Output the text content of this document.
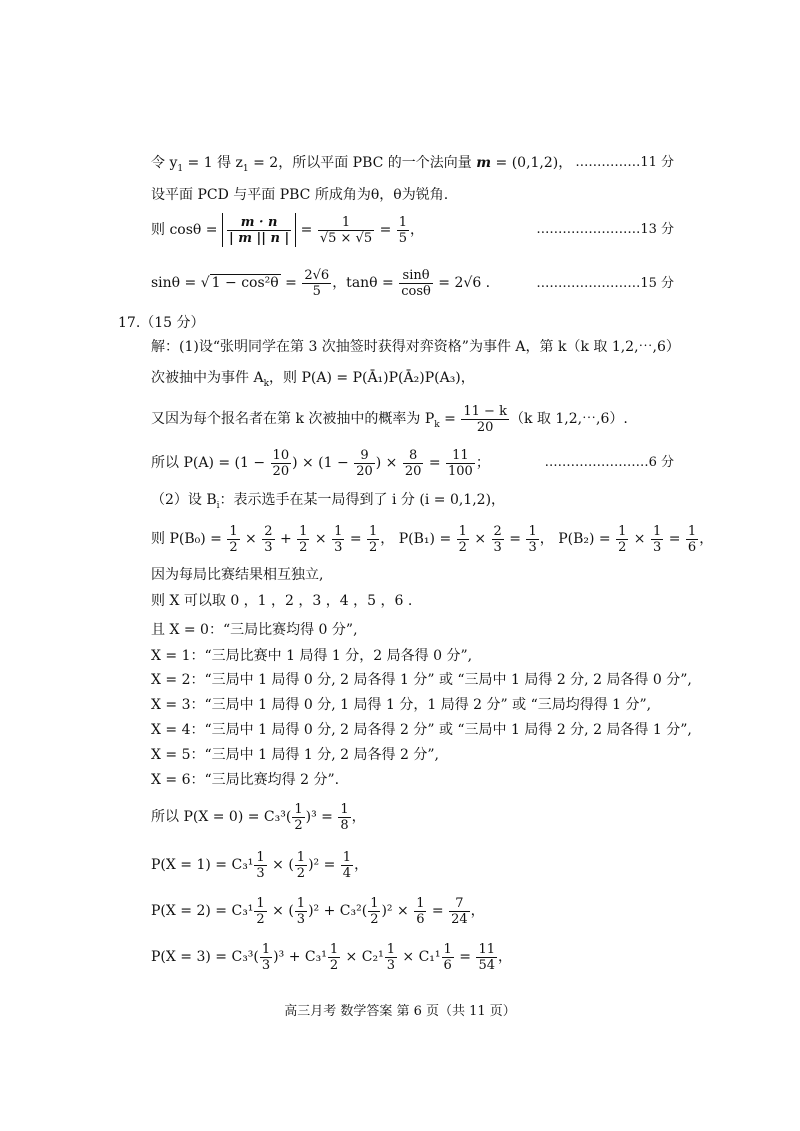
令 $y_1 = 1$ 得 $z_1 = 2$，所以平面 PBC 的一个法向量 m = (0,1,2)， ……………11 分
设平面 PCD 与平面 PBC 所成角为θ，θ为锐角.
则 $\cos\theta = \frac{m \cdot n}{| m || n |} = \frac{1}{√5 \times √5} = \frac{1}{5}$ ，	……………………13 分
sinθ = √ $1 - \cos^2\theta = \frac{2√6}{5}$ ，$\tan\theta = \frac{\sin\theta}{\cos\theta} = 2√6$ .	……………………15 分
17.（15 分）
解：(1)设“张明同学在第 3 次抽签时获得对弈资格”为事件 A，第 k（k 取 1,2,⋯,6）
次被抽中为事件 $A_k$，则 P(A) = P(Ā₁)P(Ā₂)P(A₃)，
又因为每个报名者在第 k 次被抽中的概率为 $P_k = \frac{11 - k}{20} (k$ 取 1,2,⋯,6）.
所以 $P(A) = (1 - \frac{10}{20}$ ) × ($1 - \frac{9}{20}$ ) × $\frac{8}{20} = \frac{11}{100}$ ；	……………………6 分
（2）设 $B_i$：表示选手在某一局得到了 i 分 (i = 0,1,2)，
则 $P(B_0) = \frac{1}{2} \times \frac{2}{3} + \frac{1}{2} \times \frac{1}{3} = \frac{1}{2}$ ， $P(B_1) = \frac{1}{2} \times \frac{2}{3} = \frac{1}{3}$ ， $P(B_2) = \frac{1}{2} \times \frac{1}{3} = \frac{1}{6}$ ，
因为每局比赛结果相互独立,
则 X 可以取 0 ，1 ，2 ，3 ，4 ，5 ，6 .
且 X = 0：“三局比赛均得 0 分”,
X = 1：“三局比赛中 1 局得 1 分，2 局各得 0 分”,
X = 2：“三局中 1 局得 0 分, 2 局各得 1 分” 或 “三局中 1 局得 2 分, 2 局各得 0 分”,
X = 3：“三局中 1 局得 0 分, 1 局得 1 分，1 局得 2 分” 或 “三局均得得 1 分”,
X = 4：“三局中 1 局得 0 分, 2 局各得 2 分” 或 “三局中 1 局得 2 分, 2 局各得 1 分”,
X = 5：“三局中 1 局得 1 分, 2 局各得 2 分”,
X = 6：“三局比赛均得 2 分”.
所以 $P(X = 0) = C_3^3( \frac{1}{2} )^3 = \frac{1}{8}$ ，
$P(X = 1) = C_3^1 \frac{1}{3}$ × ( $\frac{1}{2} )^2 = \frac{1}{4}$ ，
$P(X = 2) = C_3^1 \frac{1}{2}$ × ( $\frac{1}{3} )^2 + C_3^2( \frac{1}{2} )^2 \times \frac{1}{6} = \frac{7}{24}$ ，
$P(X = 3) = C_3^3( \frac{1}{3} )^3 + C_3^1 \frac{1}{2} \times C_2^1 \frac{1}{3} \times C_1^1 \frac{1}{6} = \frac{11}{54}$ ，
高三月考 数学答案 第 6 页（共 11 页）
